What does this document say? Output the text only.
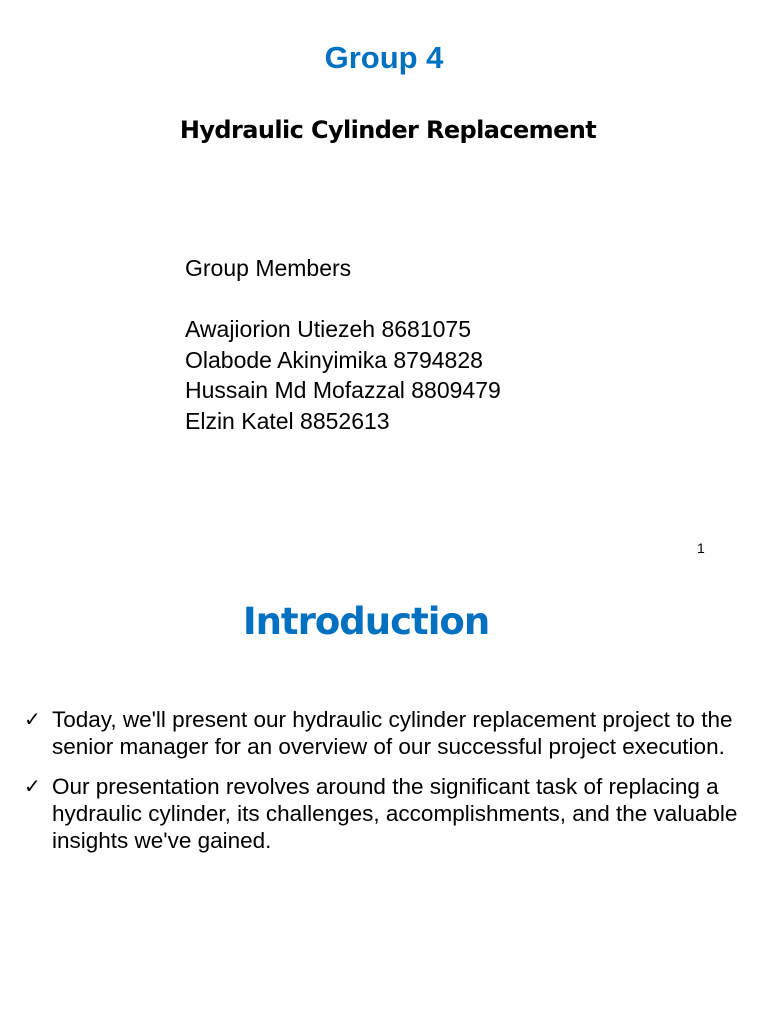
Group 4
Hydraulic Cylinder Replacement
Group Members
Awajiorion Utiezeh 8681075
Olabode Akinyimika 8794828
Hussain Md Mofazzal 8809479
Elzin Katel 8852613
1
Introduction
✓ Today, we'll present our hydraulic cylinder replacement project to the senior manager for an overview of our successful project execution.
✓ Our presentation revolves around the significant task of replacing a hydraulic cylinder, its challenges, accomplishments, and the valuable insights we've gained.
